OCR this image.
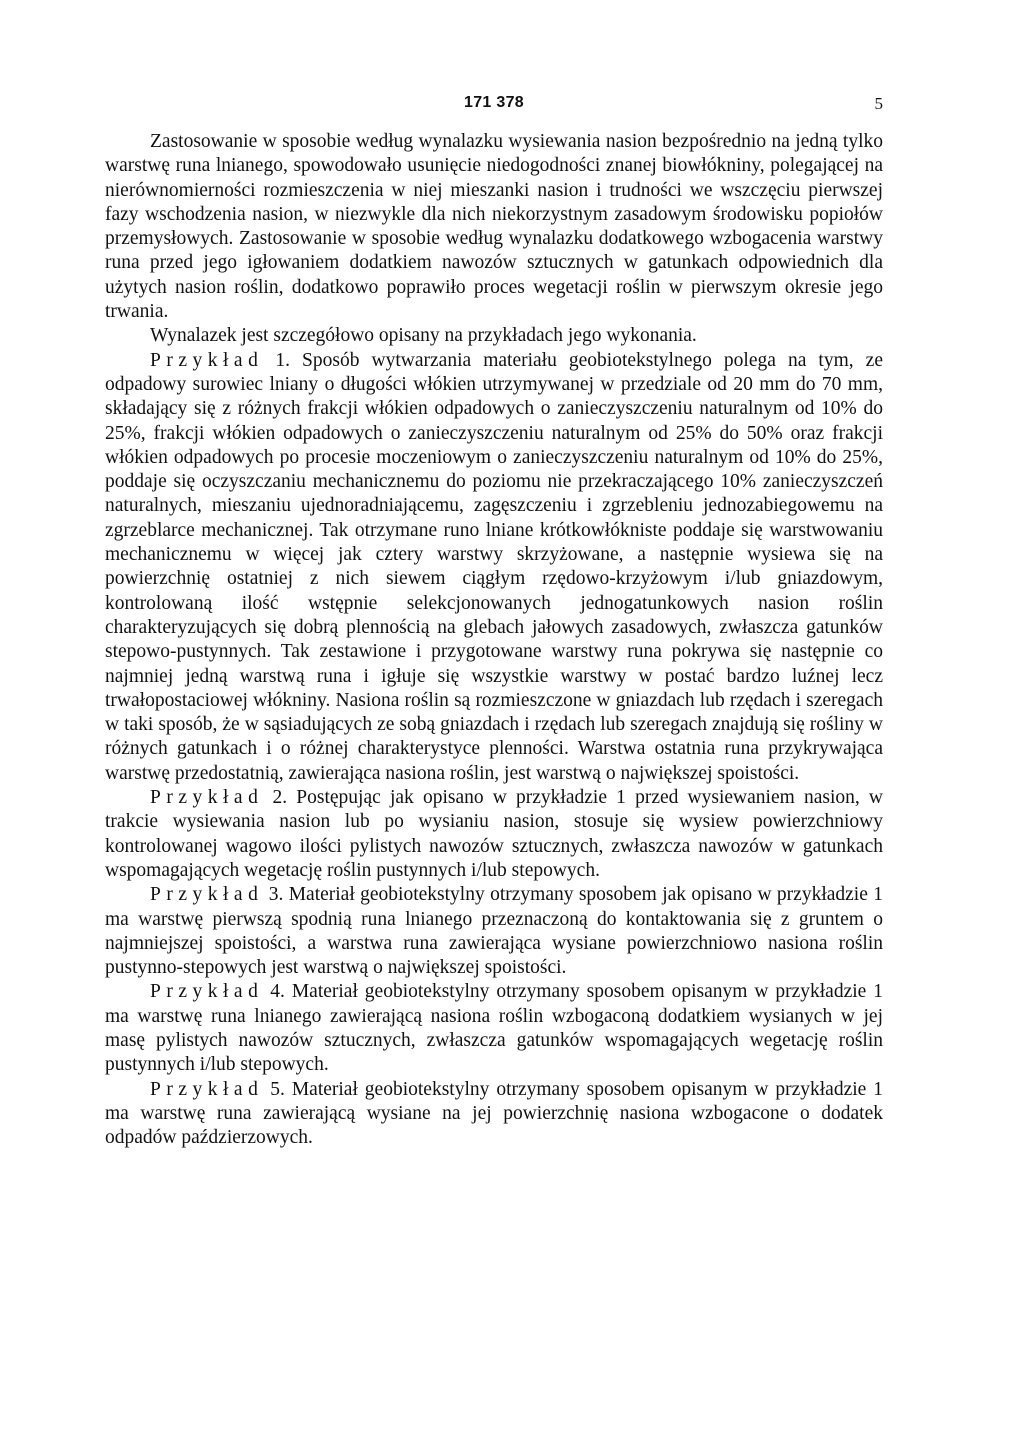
171 378	5

Zastosowanie w sposobie według wynalazku wysiewania nasion bezpośrednio na jedną tylko warstwę runa lnianego, spowodowało usunięcie niedogodności znanej biowłókniny, polegającej na nierównomierności rozmieszczenia w niej mieszanki nasion i trudności we wszczęciu pierwszej fazy wschodzenia nasion, w niezwykle dla nich niekorzystnym zasadowym środowisku popiołów przemysłowych. Zastosowanie w sposobie według wynalazku dodatkowego wzbogacenia warstwy runa przed jego igłowaniem dodatkiem nawozów sztucznych w gatunkach odpowiednich dla użytych nasion roślin, dodatkowo poprawiło proces wegetacji roślin w pierwszym okresie jego trwania.

Wynalazek jest szczegółowo opisany na przykładach jego wykonania.

Przykład 1. Sposób wytwarzania materiału geobiotekstylnego polega na tym, ze odpadowy surowiec lniany o długości włókien utrzymywanej w przedziale od 20 mm do 70 mm, składający się z różnych frakcji włókien odpadowych o zanieczyszczeniu naturalnym od 10% do 25%, frakcji włókien odpadowych o zanieczyszczeniu naturalnym od 25% do 50% oraz frakcji włókien odpadowych po procesie moczeniowym o zanieczyszczeniu naturalnym od 10% do 25%, poddaje się oczyszczaniu mechanicznemu do poziomu nie przekraczającego 10% zanieczyszczeń naturalnych, mieszaniu ujednoradniającemu, zagęszczeniu i zgrzebleniu jednozabiegowemu na zgrzeblarce mechanicznej. Tak otrzymane runo lniane krótkowłókniste poddaje się warstwowaniu mechanicznemu w więcej jak cztery warstwy skrzyżowane, a następnie wysiewa się na powierzchnię ostatniej z nich siewem ciągłym rzędowo-krzyżowym i/lub gniazdowym, kontrolowaną ilość wstępnie selekcjonowanych jednogatunkowych nasion roślin charakteryzujących się dobrą plennością na glebach jałowych zasadowych, zwłaszcza gatunków stepowo-pustynnych. Tak zestawione i przygotowane warstwy runa pokrywa się następnie co najmniej jedną warstwą runa i igłuje się wszystkie warstwy w postać bardzo luźnej lecz trwałopostaciowej włókniny. Nasiona roślin są rozmieszczone w gniazdach lub rzędach i szeregach w taki sposób, że w sąsiadujących ze sobą gniazdach i rzędach lub szeregach znajdują się rośliny w różnych gatunkach i o różnej charakterystyce plenności. Warstwa ostatnia runa przykrywająca warstwę przedostatnią, zawierająca nasiona roślin, jest warstwą o największej spoistości.

Przykład 2. Postępując jak opisano w przykładzie 1 przed wysiewaniem nasion, w trakcie wysiewania nasion lub po wysianiu nasion, stosuje się wysiew powierzchniowy kontrolowanej wagowo ilości pylistych nawozów sztucznych, zwłaszcza nawozów w gatunkach wspomagających wegetację roślin pustynnych i/lub stepowych.

Przykład 3. Materiał geobiotekstylny otrzymany sposobem jak opisano w przykładzie 1 ma warstwę pierwszą spodnią runa lnianego przeznaczoną do kontaktowania się z gruntem o najmniejszej spoistości, a warstwa runa zawierająca wysiane powierzchniowo nasiona roślin pustynno-stepowych jest warstwą o największej spoistości.

Przykład 4. Materiał geobiotekstylny otrzymany sposobem opisanym w przykładzie 1 ma warstwę runa lnianego zawierającą nasiona roślin wzbogaconą dodatkiem wysianych w jej masę pylistych nawozów sztucznych, zwłaszcza gatunków wspomagających wegetację roślin pustynnych i/lub stepowych.

Przykład 5. Materiał geobiotekstylny otrzymany sposobem opisanym w przykładzie 1 ma warstwę runa zawierającą wysiane na jej powierzchnię nasiona wzbogacone o dodatek odpadów paździerzowych.
